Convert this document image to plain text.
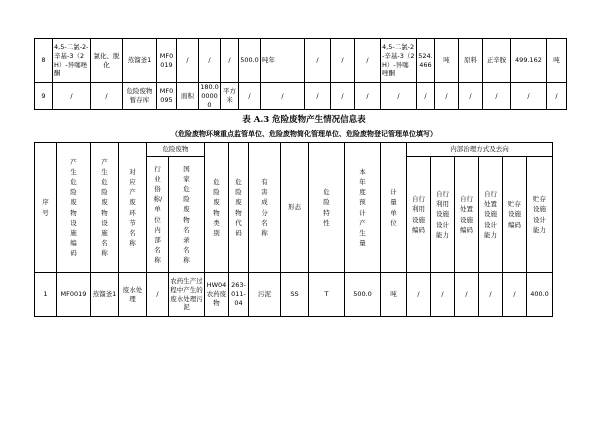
8	4,5-二氯-2-辛基-3（2H）-异噻唑酮	氯化、脱化	蒸馏釜1	MF0019	/	/	/	500.0	吨年	/	/	/	4,5-二氯-2-辛基-3（2H）-异噻唑酮	524.466	吨	原料	正辛胺	499.162	吨
9	/	/	危险废物暂存库	MF0095	面积	180.000000	平方米	/	/	/	/	/	/	/	/	/	/	/	/
表 A.3 危险废物产生情况信息表
（危险废物环境重点监管单位、危险废物简化管理单位、危险废物登记管理单位填写）
序号	产生危险废物设施编码	产生危险废物设施名称	对应产废环节名称	危险废物		危险废物类别	危险废物代码	有害成分名称	形态	危险特性	本年度预计产生量	计量单位	内部治理方式及去向					
				行业俗称/单位内部名称	国家危险废物名录名称								自行利用设施编码	自行利用设施设计能力	自行处置设施编码	自行处置设施设计能力	贮存设施编码	贮存设施设计能力

1	MF0019	蒸馏釜1	废水处理	/	农药生产过程中产生的废水处理污泥	HW04农药废物	263-011-04	污泥	SS	T	500.0	吨	/	/	/	/	/	400.0
